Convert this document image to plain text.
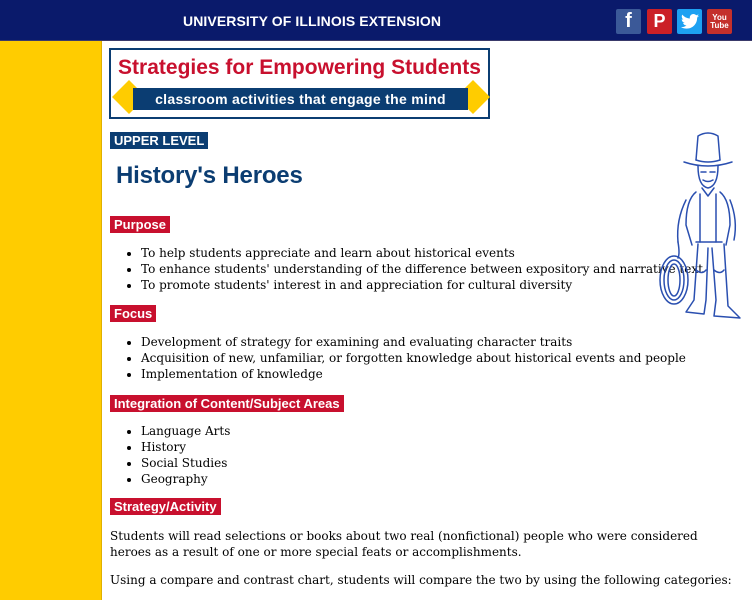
UNIVERSITY OF ILLINOIS EXTENSION	f P	You
Tube
Strategies for Empowering Students
classroom activities that engage the mind
UPPER LEVEL
History's Heroes
Purpose
• To help students appreciate and learn about historical events
• To enhance students' understanding of the difference between expository and narrative text
• To promote students' interest in and appreciation for cultural diversity
Focus
• Development of strategy for examining and evaluating character traits
• Acquisition of new, unfamiliar, or forgotten knowledge about historical events and people
• Implementation of knowledge
Integration of Content/Subject Areas
• Language Arts
• History
• Social Studies
• Geography
Strategy/Activity

Students will read selections or books about two real (nonfictional) people who were considered heroes as a result of one or more special feats or accomplishments.

Using a compare and contrast chart, students will compare the two by using the following categories:
